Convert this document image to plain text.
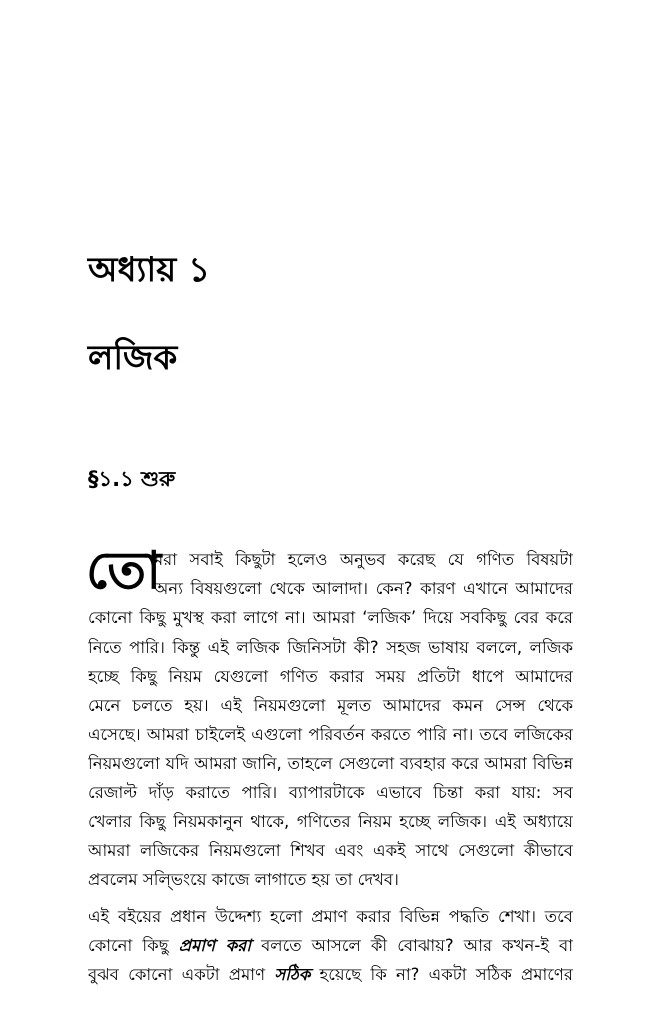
অধ্যায় ১
লজিক
§১.১ শুরু
তো
মরা সবাই কিছুটা হলেও অনুভব করেছ যে গণিত বিষয়টা
অন্য বিষয়গুলো থেকে আলাদা। কেন? কারণ এখানে আমাদের
কোনো কিছু মুখস্থ করা লাগে না। আমরা ‘লজিক’ দিয়ে সবকিছু বের করে
নিতে পারি। কিন্তু এই লজিক জিনিসটা কী? সহজ ভাষায় বললে, লজিক
হচ্ছে কিছু নিয়ম যেগুলো গণিত করার সময় প্রতিটা ধাপে আমাদের
মেনে চলতে হয়। এই নিয়মগুলো মূলত আমাদের কমন সেন্স থেকে
এসেছে। আমরা চাইলেই এগুলো পরিবর্তন করতে পারি না। তবে লজিকের
নিয়মগুলো যদি আমরা জানি, তাহলে সেগুলো ব্যবহার করে আমরা বিভিন্ন
রেজাল্ট দাঁড় করাতে পারি। ব্যাপারটাকে এভাবে চিন্তা করা যায়: সব
খেলার কিছু নিয়মকানুন থাকে, গণিতের নিয়ম হচ্ছে লজিক। এই অধ্যায়ে
আমরা লজিকের নিয়মগুলো শিখব এবং একই সাথে সেগুলো কীভাবে
প্রবলেম সল্ভিংয়ে কাজে লাগাতে হয় তা দেখব।
এই বইয়ের প্রধান উদ্দেশ্য হলো প্রমাণ করার বিভিন্ন পদ্ধতি শেখা। তবে
কোনো কিছু প্রমাণ করা বলতে আসলে কী বোঝায়? আর কখন-ই বা
বুঝব কোনো একটা প্রমাণ সঠিক হয়েছে কি না? একটা সঠিক প্রমাণের
